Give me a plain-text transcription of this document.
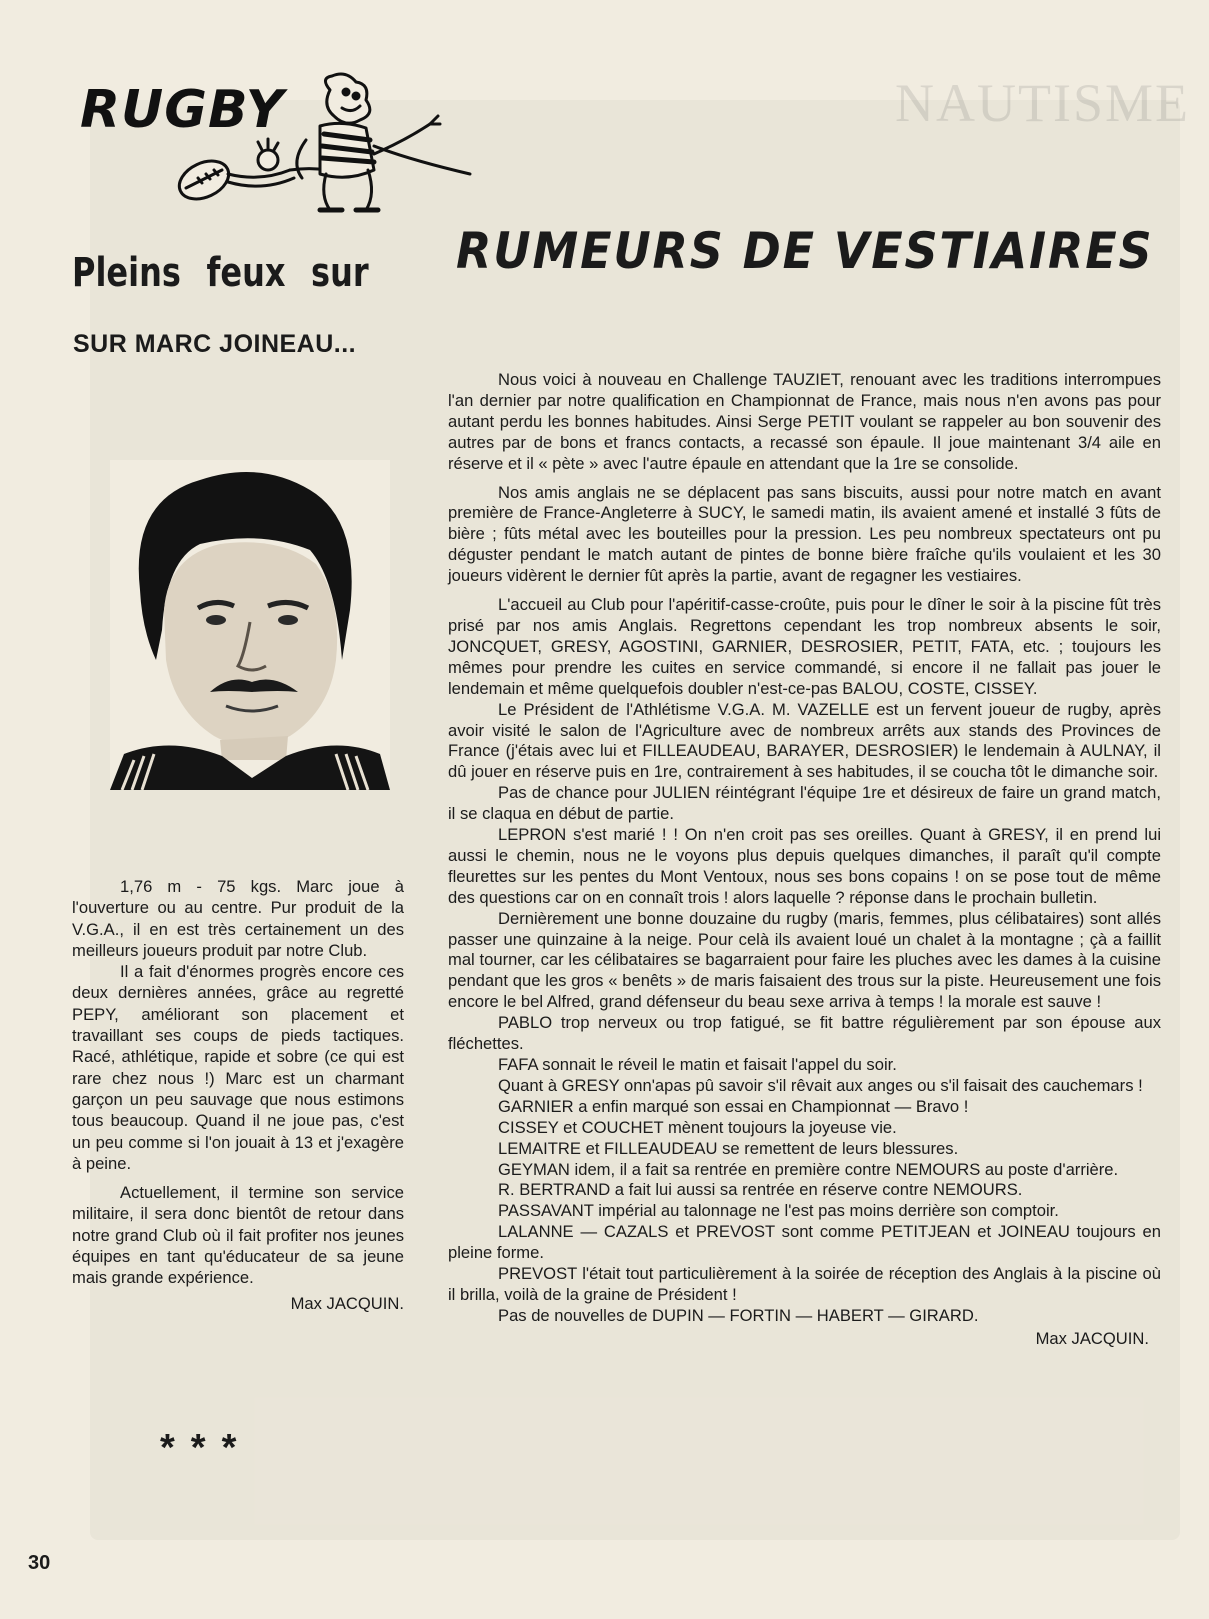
NAUTISME
RUGBY
Pleins feux sur RUMEURS DE VESTIAIRES
SUR MARC JOINEAU...

1,76 m - 75 kgs. Marc joue à l'ouverture ou au centre. Pur produit de la V.G.A., il en est très certainement un des meilleurs joueurs produit par notre Club.

Il a fait d'énormes progrès encore ces deux dernières années, grâce au regretté PEPY, améliorant son placement et travaillant ses coups de pieds tactiques. Racé, athlétique, rapide et sobre (ce qui est rare chez nous !) Marc est un charmant garçon un peu sauvage que nous estimons tous beaucoup. Quand il ne joue pas, c'est un peu comme si l'on jouait à 13 et j'exagère à peine.

Actuellement, il termine son service militaire, il sera donc bientôt de retour dans notre grand Club où il fait profiter nos jeunes équipes en tant qu'éducateur de sa jeune mais grande expérience.

Max JACQUIN.

***

Nous voici à nouveau en Challenge TAUZIET, renouant avec les traditions interrompues l'an dernier par notre qualification en Championnat de France, mais nous n'en avons pas pour autant perdu les bonnes habitudes. Ainsi Serge PETIT voulant se rappeler au bon souvenir des autres par de bons et francs contacts, a recassé son épaule. Il joue maintenant 3/4 aile en réserve et il « pète » avec l'autre épaule en attendant que la 1re se consolide.

Nos amis anglais ne se déplacent pas sans biscuits, aussi pour notre match en avant première de France-Angleterre à SUCY, le samedi matin, ils avaient amené et installé 3 fûts de bière ; fûts métal avec les bouteilles pour la pression. Les peu nombreux spectateurs ont pu déguster pendant le match autant de pintes de bonne bière fraîche qu'ils voulaient et les 30 joueurs vidèrent le dernier fût après la partie, avant de regagner les vestiaires.

L'accueil au Club pour l'apéritif-casse-croûte, puis pour le dîner le soir à la piscine fût très prisé par nos amis Anglais. Regrettons cependant les trop nombreux absents le soir, JONCQUET, GRESY, AGOSTINI, GARNIER, DESROSIER, PETIT, FATA, etc. ; toujours les mêmes pour prendre les cuites en service commandé, si encore il ne fallait pas jouer le lendemain et même quelquefois doubler n'est-ce-pas BALOU, COSTE, CISSEY.

Le Président de l'Athlétisme V.G.A. M. VAZELLE est un fervent joueur de rugby, après avoir visité le salon de l'Agriculture avec de nombreux arrêts aux stands des Provinces de France (j'étais avec lui et FILLEAUDEAU, BARAYER, DESROSIER) le lendemain à AULNAY, il dû jouer en réserve puis en 1re, contrairement à ses habitudes, il se coucha tôt le dimanche soir.

Pas de chance pour JULIEN réintégrant l'équipe 1re et désireux de faire un grand match, il se claqua en début de partie.

LEPRON s'est marié ! ! On n'en croit pas ses oreilles. Quant à GRESY, il en prend lui aussi le chemin, nous ne le voyons plus depuis quelques dimanches, il paraît qu'il compte fleurettes sur les pentes du Mont Ventoux, nous ses bons copains ! on se pose tout de même des questions car on en connaît trois ! alors laquelle ? réponse dans le prochain bulletin.

Dernièrement une bonne douzaine du rugby (maris, femmes, plus célibataires) sont allés passer une quinzaine à la neige. Pour celà ils avaient loué un chalet à la montagne ; çà a faillit mal tourner, car les célibataires se bagarraient pour faire les pluches avec les dames à la cuisine pendant que les gros « benêts » de maris faisaient des trous sur la piste. Heureusement une fois encore le bel Alfred, grand défenseur du beau sexe arriva à temps ! la morale est sauve !

PABLO trop nerveux ou trop fatigué, se fit battre régulièrement par son épouse aux fléchettes.

FAFA sonnait le réveil le matin et faisait l'appel du soir.

Quant à GRESY onn'apas pû savoir s'il rêvait aux anges ou s'il faisait des cauchemars !

GARNIER a enfin marqué son essai en Championnat — Bravo !

CISSEY et COUCHET mènent toujours la joyeuse vie.

LEMAITRE et FILLEAUDEAU se remettent de leurs blessures.

GEYMAN idem, il a fait sa rentrée en première contre NEMOURS au poste d'arrière.

R. BERTRAND a fait lui aussi sa rentrée en réserve contre NEMOURS.

PASSAVANT impérial au talonnage ne l'est pas moins derrière son comptoir.

LALANNE — CAZALS et PREVOST sont comme PETITJEAN et JOINEAU toujours en pleine forme.

PREVOST l'était tout particulièrement à la soirée de réception des Anglais à la piscine où il brilla, voilà de la graine de Président !

Pas de nouvelles de DUPIN — FORTIN — HABERT — GIRARD.

Max JACQUIN.

30
